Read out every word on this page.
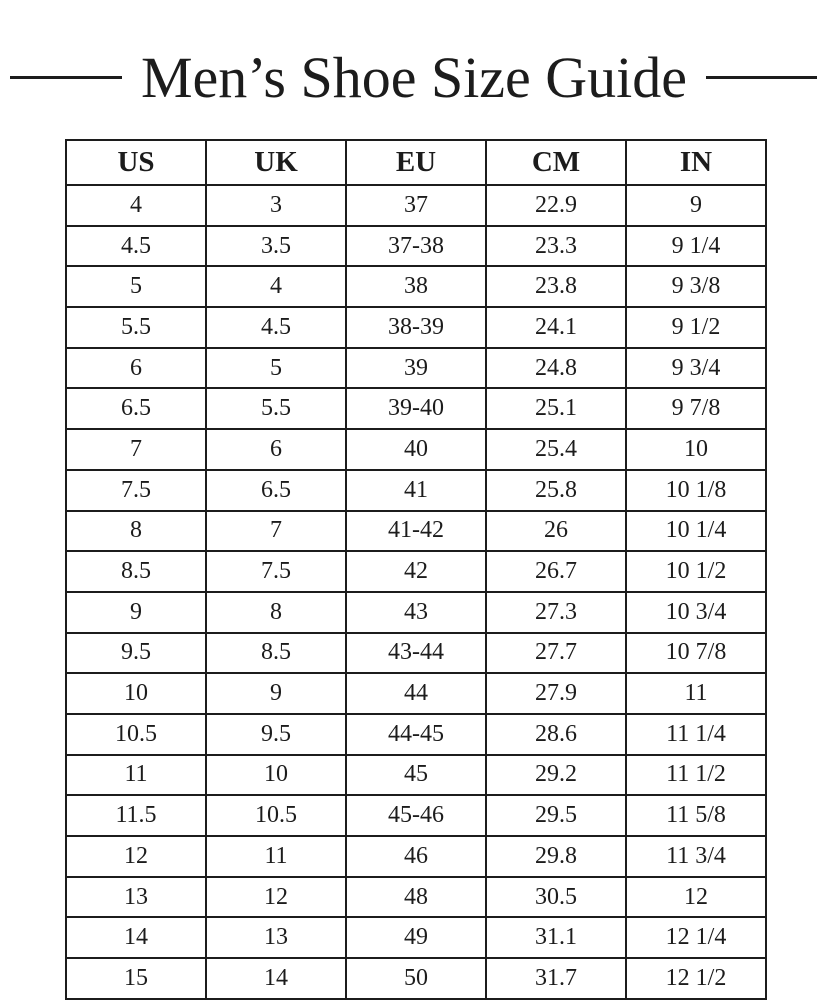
Men’s Shoe Size Guide
US	UK	EU	CM	IN
4	3	37	22.9	9
4.5	3.5	37-38	23.3	9 1/4
5	4	38	23.8	9 3/8
5.5	4.5	38-39	24.1	9 1/2
6	5	39	24.8	9 3/4
6.5	5.5	39-40	25.1	9 7/8
7	6	40	25.4	10
7.5	6.5	41	25.8	10 1/8
8	7	41-42	26	10 1/4
8.5	7.5	42	26.7	10 1/2
9	8	43	27.3	10 3/4
9.5	8.5	43-44	27.7	10 7/8
10	9	44	27.9	11
10.5	9.5	44-45	28.6	11 1/4
11	10	45	29.2	11 1/2
11.5	10.5	45-46	29.5	11 5/8
12	11	46	29.8	11 3/4
13	12	48	30.5	12
14	13	49	31.1	12 1/4
15	14	50	31.7	12 1/2
